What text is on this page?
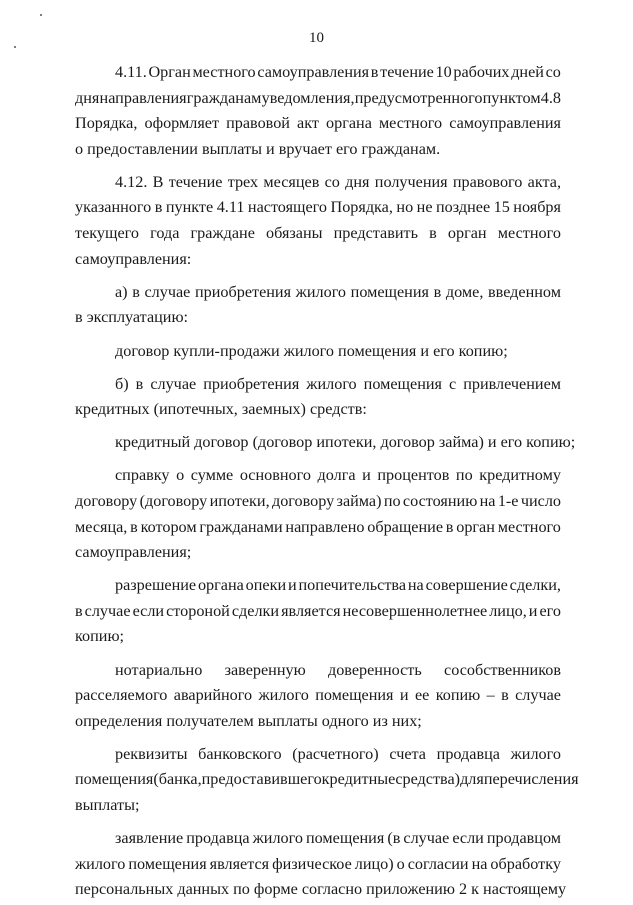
10
4.11. Орган местного самоуправления в течение 10 рабочих дней со
дня направления гражданам уведомления, предусмотренного пунктом 4.8
Порядка, оформляет правовой акт органа местного самоуправления
о предоставлении выплаты и вручает его гражданам.
4.12. В течение трех месяцев со дня получения правового акта,
указанного в пункте 4.11 настоящего Порядка, но не позднее 15 ноября
текущего года граждане обязаны представить в орган местного
самоуправления:
а) в случае приобретения жилого помещения в доме, введенном
в эксплуатацию:
договор купли-продажи жилого помещения и его копию;
б) в случае приобретения жилого помещения с привлечением
кредитных (ипотечных, заемных) средств:
кредитный договор (договор ипотеки, договор займа) и его копию;
справку о сумме основного долга и процентов по кредитному
договору (договору ипотеки, договору займа) по состоянию на 1-е число
месяца, в котором гражданами направлено обращение в орган местного
самоуправления;
разрешение органа опеки и попечительства на совершение сделки,
в случае если стороной сделки является несовершеннолетнее лицо, и его
копию;
нотариально заверенную доверенность сособственников
расселяемого аварийного жилого помещения и ее копию – в случае
определения получателем выплаты одного из них;
реквизиты банковского (расчетного) счета продавца жилого
помещения (банка, предоставившего кредитные средства) для перечисления
выплаты;
заявление продавца жилого помещения (в случае если продавцом
жилого помещения является физическое лицо) о согласии на обработку
персональных данных по форме согласно приложению 2 к настоящему
